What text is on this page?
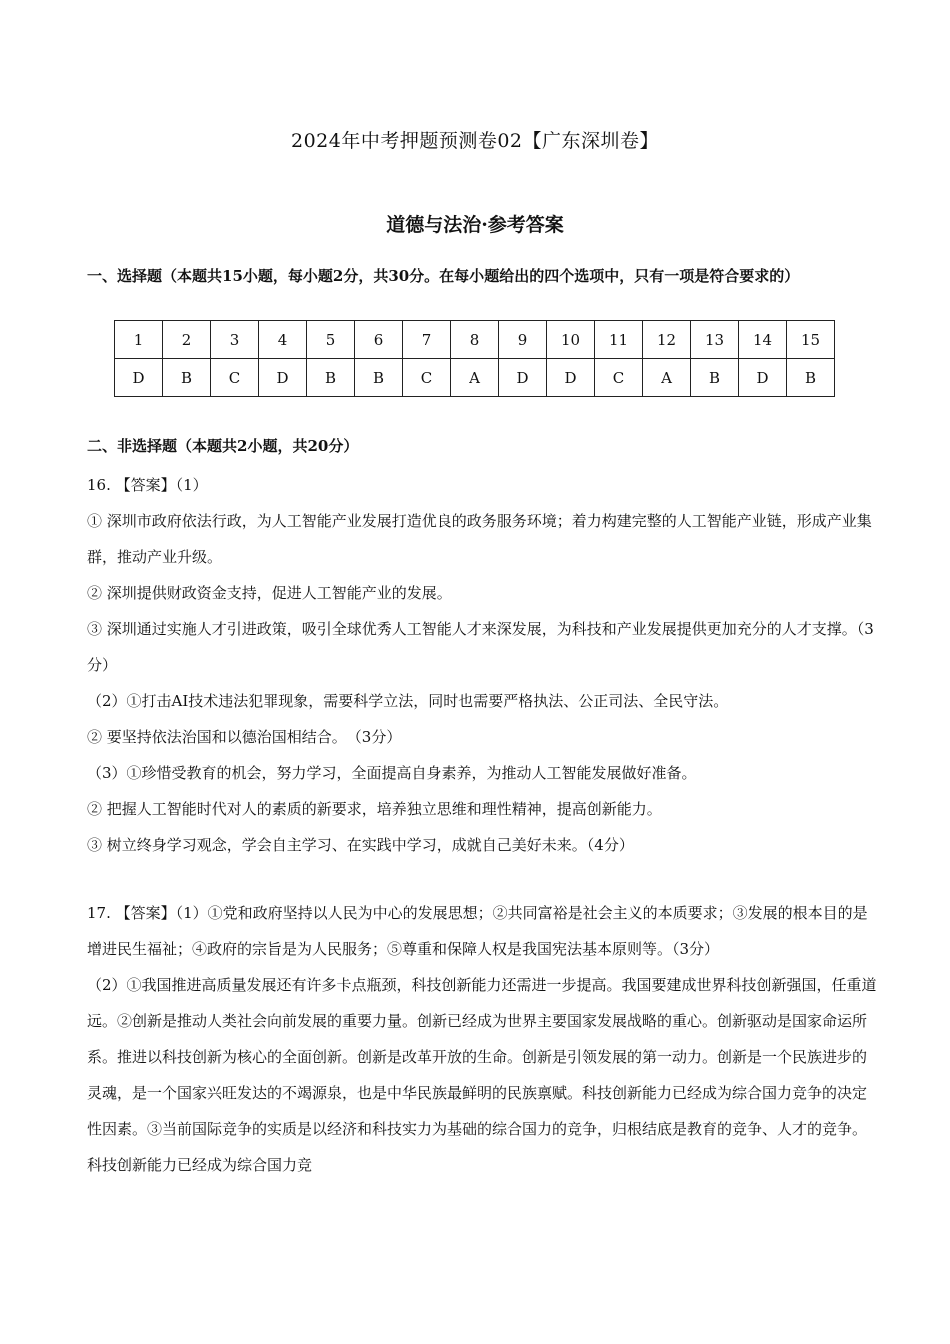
2024年中考押题预测卷02【广东深圳卷】
道德与法治·参考答案
一、选择题（本题共15小题，每小题2分，共30分。在每小题给出的四个选项中，只有一项是符合要求的）
1	2	3	4	5	6	7	8	9	10	11	12	13	14	15
D	B	C	D	B	B	C	A	D	D	C	A	B	D	B
二、非选择题（本题共2小题，共20分）

16. 【答案】（1）

① 深圳市政府依法行政，为人工智能产业发展打造优良的政务服务环境；着力构建完整的人工智能产业链，形成产业集群，推动产业升级。

② 深圳提供财政资金支持，促进人工智能产业的发展。

③ 深圳通过实施人才引进政策，吸引全球优秀人工智能人才来深发展，为科技和产业发展提供更加充分的人才支撑。（3分）

（2）①打击AI技术违法犯罪现象，需要科学立法，同时也需要严格执法、公正司法、全民守法。

② 要坚持依法治国和以德治国相结合。　（3分）

（3）①珍惜受教育的机会，努力学习，全面提高自身素养，为推动人工智能发展做好准备。

② 把握人工智能时代对人的素质的新要求，培养独立思维和理性精神，提高创新能力。

③ 树立终身学习观念，学会自主学习、在实践中学习，成就自己美好未来。（4分）

17. 【答案】（1）①党和政府坚持以人民为中心的发展思想；②共同富裕是社会主义的本质要求；③发展的根本目的是增进民生福祉；④政府的宗旨是为人民服务；⑤尊重和保障人权是我国宪法基本原则等。（3分）

（2）①我国推进高质量发展还有许多卡点瓶颈，科技创新能力还需进一步提高。我国要建成世界科技创新强国，任重道远。②创新是推动人类社会向前发展的重要力量。创新已经成为世界主要国家发展战略的重心。创新驱动是国家命运所系。推进以科技创新为核心的全面创新。创新是改革开放的生命。创新是引领发展的第一动力。创新是一个民族进步的灵魂，是一个国家兴旺发达的不竭源泉，也是中华民族最鲜明的民族禀赋。科技创新能力已经成为综合国力竞争的决定性因素。③当前国际竞争的实质是以经济和科技实力为基础的综合国力的竞争，归根结底是教育的竞争、人才的竞争。科技创新能力已经成为综合国力竞
